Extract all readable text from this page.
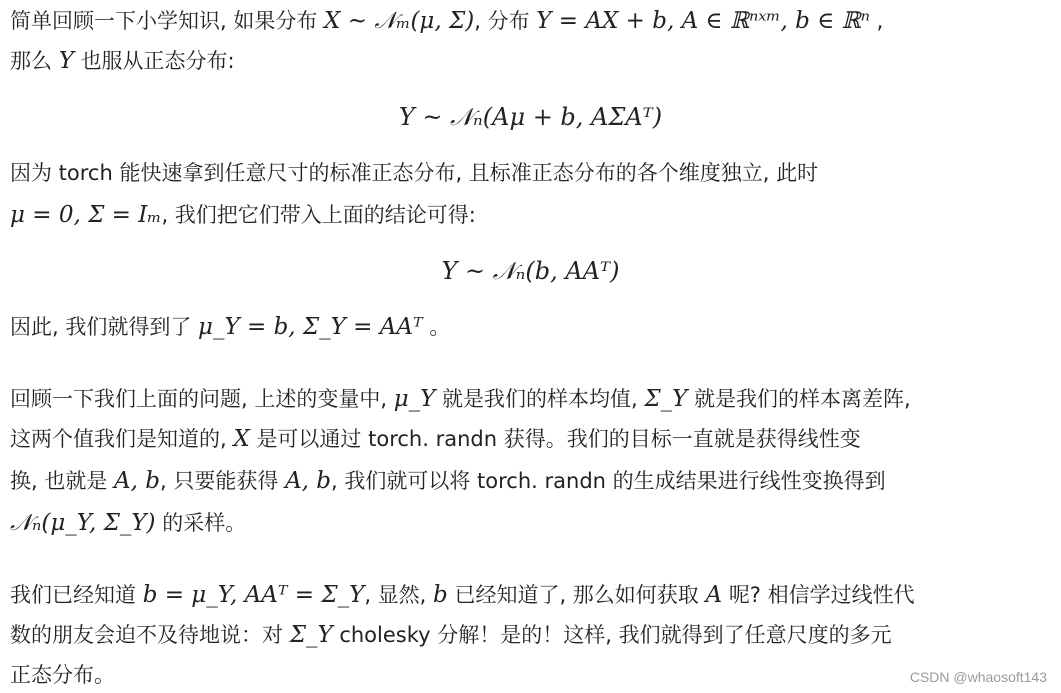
简单回顾一下小学知识, 如果分布 X ~ 𝒩ₘ(μ, Σ), 分布 Y = AX + b, A ∈ ℝⁿˣᵐ, b ∈ ℝⁿ ,
那么 Y 也服从正态分布:
Y ~ 𝒩ₙ(Aμ + b, AΣAᵀ)
因为 torch 能快速拿到任意尺寸的标准正态分布, 且标准正态分布的各个维度独立, 此时
μ = 0, Σ = Iₘ, 我们把它们带入上面的结论可得:
Y ~ 𝒩ₙ(b, AAᵀ)
因此, 我们就得到了 μ_Y = b, Σ_Y = AAᵀ 。
回顾一下我们上面的问题, 上述的变量中, μ_Y 就是我们的样本均值, Σ_Y 就是我们的样本离差阵,
这两个值我们是知道的, X 是可以通过 torch. randn 获得。我们的目标一直就是获得线性变
换, 也就是 A, b, 只要能获得 A, b, 我们就可以将 torch. randn 的生成结果进行线性变换得到
𝒩ₙ(μ_Y, Σ_Y) 的采样。
我们已经知道 b = μ_Y, AAᵀ = Σ_Y, 显然, b 已经知道了, 那么如何获取 A 呢? 相信学过线性代
数的朋友会迫不及待地说：对 Σ_Y cholesky 分解！是的！这样, 我们就得到了任意尺度的多元
正态分布。	CSDN @whaosoft143
